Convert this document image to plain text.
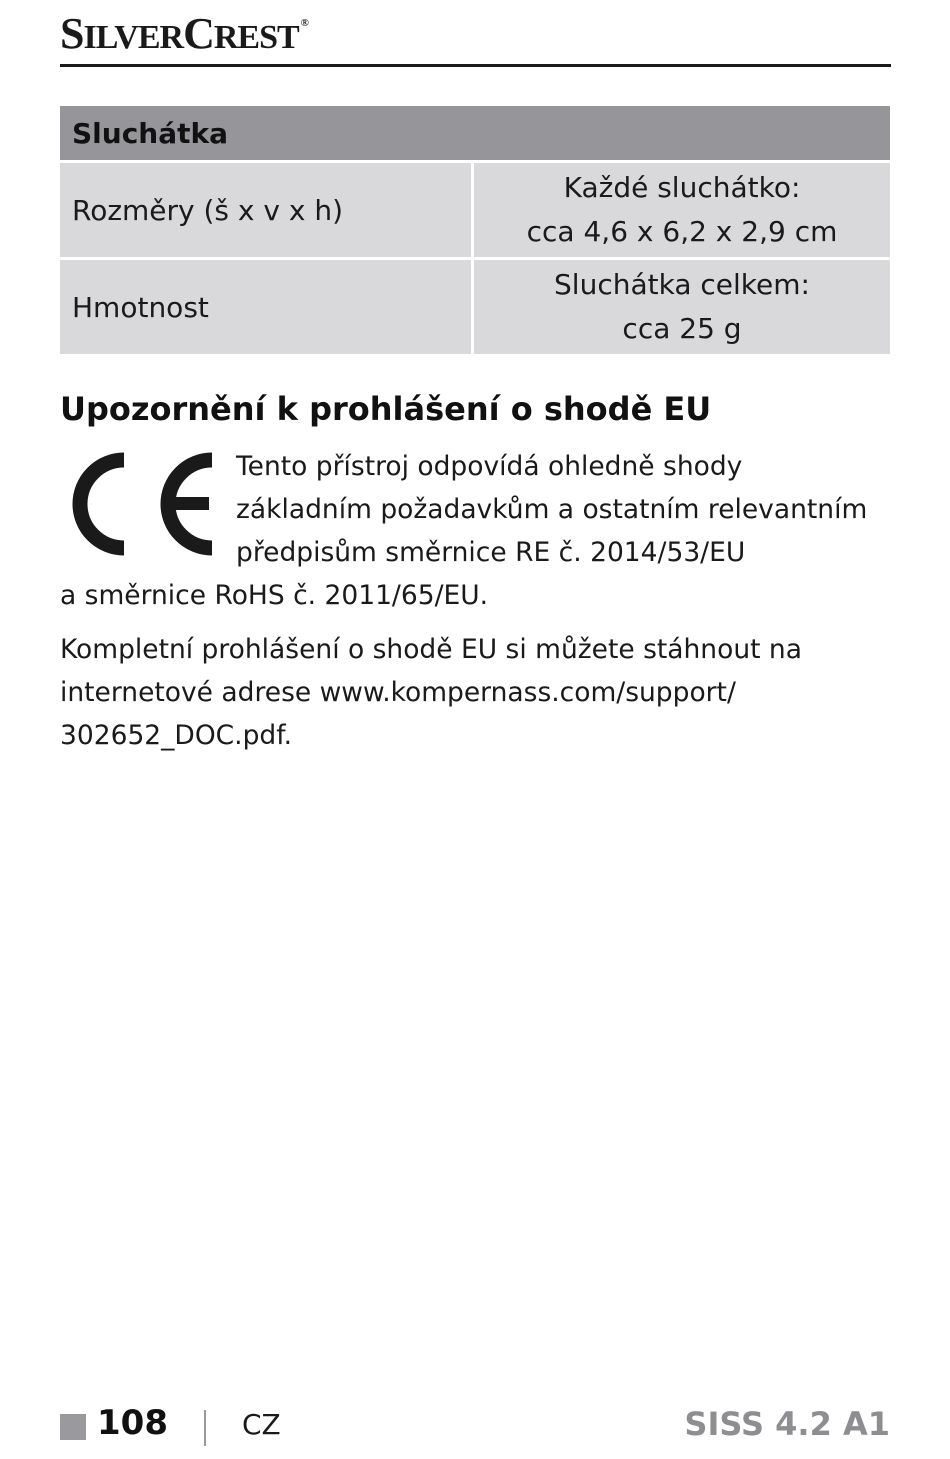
SILVERCREST ®
Sluchátka
Rozměry (š x v x h)
Každé sluchátko:
cca 4,6 x 6,2 x 2,9 cm
Hmotnost
Sluchátka celkem:
cca 25 g
Upozornění k prohlášení o shodě EU
Tento přístroj odpovídá ohledně shody
základním požadavkům a ostatním relevantním
předpisům směrnice RE č. 2014/53/EU
a směrnice RoHS č. 2011/65/EU.
Kompletní prohlášení o shodě EU si můžete stáhnout na
internetové adrese www.kompernass.com/support/
302652_DOC.pdf.
108	CZ	SISS 4.2 A1
